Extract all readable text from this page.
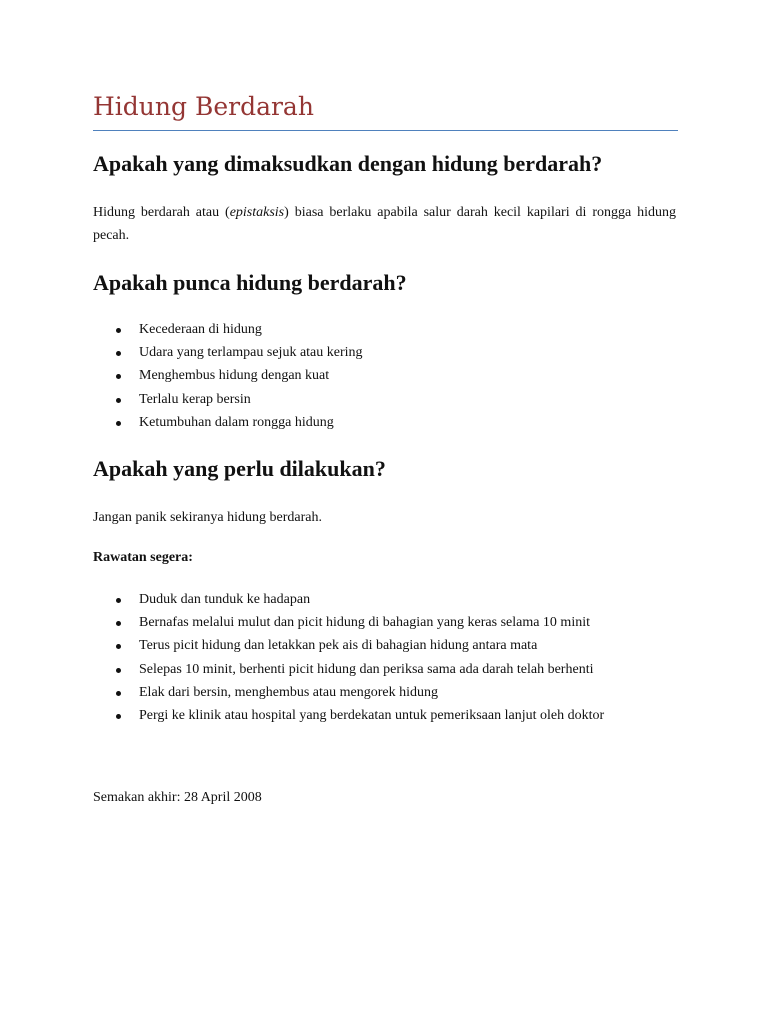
Hidung Berdarah
Apakah yang dimaksudkan dengan hidung berdarah?

Hidung berdarah atau (epistaksis) biasa berlaku apabila salur darah kecil kapilari di rongga hidung pecah.

Apakah punca hidung berdarah?
Kecederaan di hidung
Udara yang terlampau sejuk atau kering
Menghembus hidung dengan kuat
Terlalu kerap bersin
Ketumbuhan dalam rongga hidung
Apakah yang perlu dilakukan?

Jangan panik sekiranya hidung berdarah.

Rawatan segera:

Duduk dan tunduk ke hadapan
Bernafas melalui mulut dan picit hidung di bahagian yang keras selama 10 minit
Terus picit hidung dan letakkan pek ais di bahagian hidung antara mata
Selepas 10 minit, berhenti picit hidung dan periksa sama ada darah telah berhenti
Elak dari bersin, menghembus atau mengorek hidung
Pergi ke klinik atau hospital yang berdekatan untuk pemeriksaan lanjut oleh doktor

Semakan akhir: 28 April 2008
